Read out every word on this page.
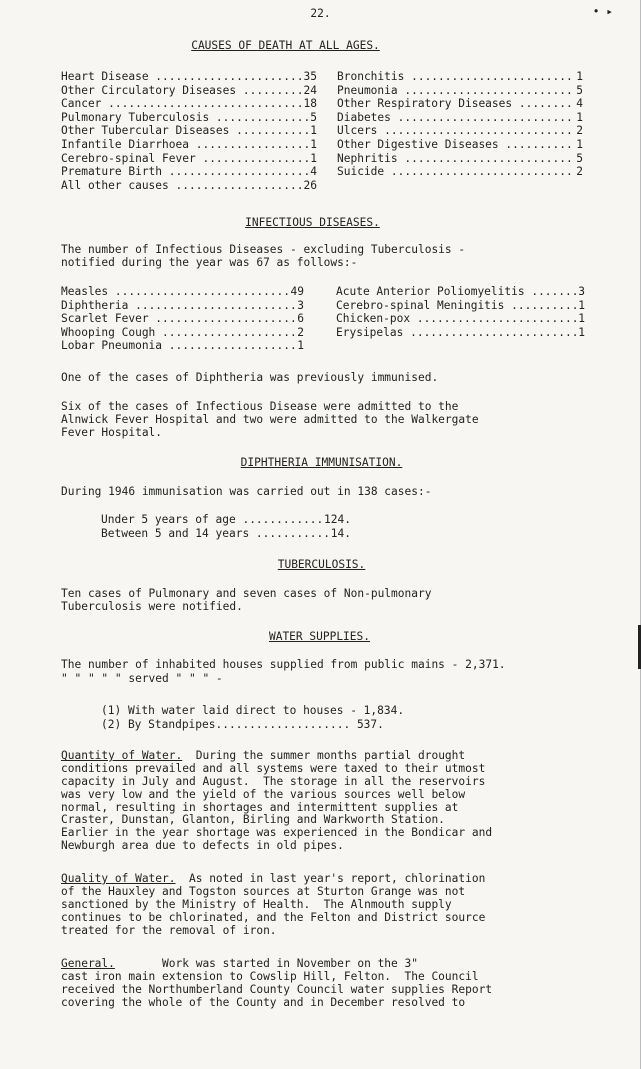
22.	• ▸
CAUSES OF DEATH AT ALL AGES.
Heart Disease .....	35
Other Circulatory Diseases .....	24
Cancer .....	18
Pulmonary Tuberculosis .....	5
Other Tubercular Diseases .....	1
Infantile Diarrhoea .....	1
Cerebro-spinal Fever .....	1
Premature Birth .....	4
All other causes .....	26
Bronchitis .....	1
Pneumonia .....	5
Other Respiratory Diseases .....	4
Diabetes .....	1
Ulcers .....	2
Other Digestive Diseases .....	1
Nephritis .....	5
Suicide .....	2
INFECTIOUS DISEASES.

The number of Infectious Diseases - excluding Tuberculosis -
notified during the year was 67 as follows:-

Measles .....	49
Diphtheria .....	3
Scarlet Fever .....	6
Whooping Cough .....	2
Lobar Pneumonia .....	1
Acute Anterior Poliomyelitis .....	3
Cerebro-spinal Meningitis .....	1
Chicken-pox .....	1
Erysipelas .....	1

One of the cases of Diphtheria was previously immunised.

Six of the cases of Infectious Disease were admitted to the
Alnwick Fever Hospital and two were admitted to the Walkergate
Fever Hospital.

DIPHTHERIA IMMUNISATION.

During 1946 immunisation was carried out in 138 cases:-

Under 5 years of age .....	124.
Between 5 and 14 years .....	14.
TUBERCULOSIS.

Ten cases of Pulmonary and seven cases of Non-pulmonary
Tuberculosis were notified.

WATER SUPPLIES.
The number of inhabited houses supplied from public mains - 2,371.
" " " " " served " " " -
(1) With water laid direct to houses - 1,834.
(2) By Standpipes.................... 537.

Quantity of Water.  During the summer months partial drought
conditions prevailed and all systems were taxed to their utmost
capacity in July and August.  The storage in all the reservoirs
was very low and the yield of the various sources well below
normal, resulting in shortages and intermittent supplies at
Craster, Dunstan, Glanton, Birling and Warkworth Station.
Earlier in the year shortage was experienced in the Bondicar and
Newburgh area due to defects in old pipes.

Quality of Water.  As noted in last year's report, chlorination
of the Hauxley and Togston sources at Sturton Grange was not
sanctioned by the Ministry of Health.  The Alnmouth supply
continues to be chlorinated, and the Felton and District source
treated for the removal of iron.

General.	Work was started in November on the 3"
cast iron main extension to Cowslip Hill, Felton.  The Council
received the Northumberland County Council water supplies Report
covering the whole of the County and in December resolved to
